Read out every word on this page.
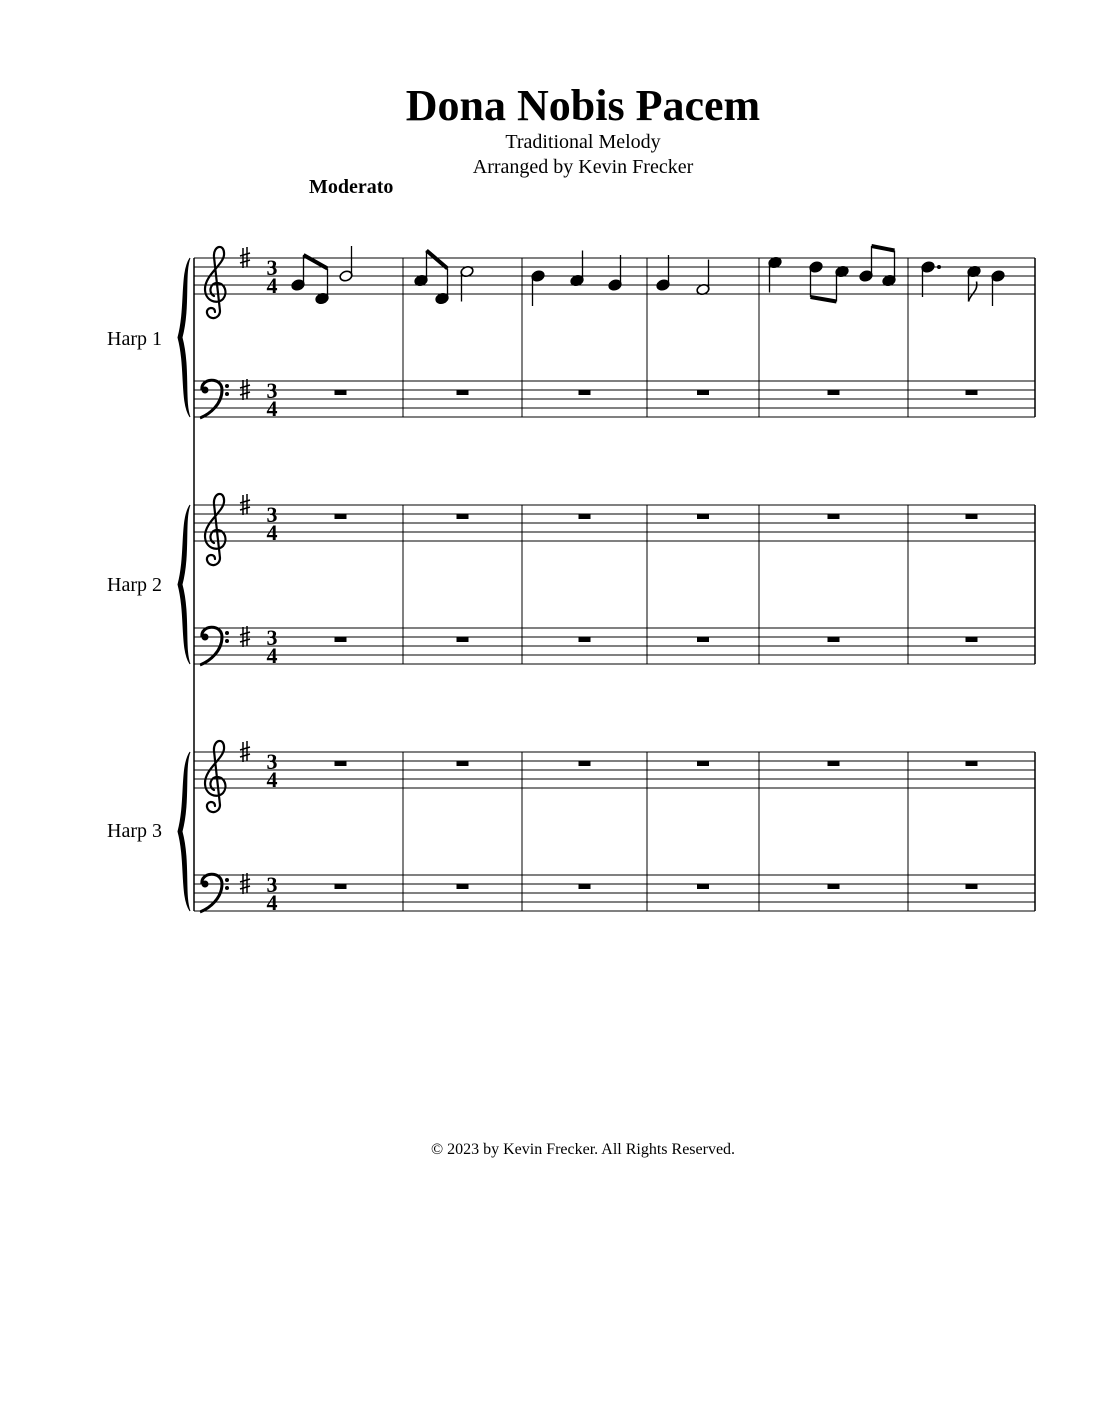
Dona Nobis Pacem
Traditional Melody
Arranged by Kevin Frecker
Moderato
Harp 1
Harp 2
Harp 3
© 2023 by Kevin Frecker. All Rights Reserved.
3
4
3
4
3
4
3
4
3
4
3
4
